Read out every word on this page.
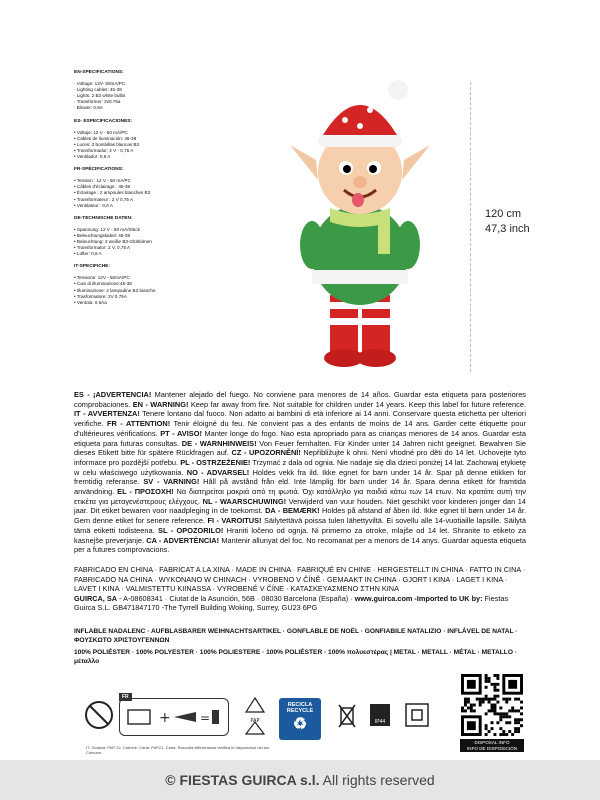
EN-SPECIFICATIONS:
· Voltage: 12V- 50mA/PC
· Lighting cables: 45-38
· Lights: 2 B3 white bulbs
· Transformer: 2v0.75a
· Blower: 0.6A
ES- ESPECIFICACIONES:
• Voltaje: 12 V - 50 mA/PC
• Cables de iluminación: 45-38
• Luces: 2 bombillas blancas B3
• Transformador: 2 V - 0,75 A
• Ventilador: 0,6 A
FR-SPÉCIFICATIONS:
• Tension : 12 V - 50 mA/PC
• Câbles d'éclairage : 45-38
• Éclairage : 2 ampoules blanches B3
• Transformateur : 2 V 0,75 A
• Ventilateur : 0,6 A
DE-TECHNISCHE DATEN:
• Spannung: 12 V - 50 mA/Stück
• Beleuchtungskabel: 45-38
• Beleuchtung: 2 weiße B3-Glühbirnen
• Transformator: 2 V, 0,75 A
• Lüfter: 0,6 A
IT-SPECIFICHE:
• Tensione: 12V - 50mA/PC
• Cavi di illuminazione:45-38
• Illuminazione: 2 lampadine B3 bianche
• Trasformatore: 2V 0.75A
• Ventola: 0,6Aa
120 cm
47,3 inch
ES - ¡ADVERTENCIA! Mantener alejado del fuego. No conviene para menores de 14 años. Guardar esta etiqueta para posteriores comprobaciones. EN - WARNING! Keep far away from fire. Not suitable for children under 14 years. Keep this label for future reference. IT - AVVERTENZA! Tenere lontano dal fuoco. Non adatto ai bambini di età inferiore ai 14 anni. Conservare questa etichetta per ulteriori verifiche. FR - ATTENTION! Tenir éloigné du feu. Ne convient pas a des enfants de moins de 14 ans. Garder cette étiquette pour d'ultérieures vérifications. PT - AVISO! Manter longe do fogo. Nao esta apropriado para as crianças menores de 14 anos. Guardar esta etiqueta para futuras consultas. DE - WARNHINWEIS! Von Feuer fernhalten. Für Kinder unter 14 Jahren nicht geeignet. Bewahren Sie dieses Etikett bitte für spätere Rückfragen auf. CZ - UPOZORNĚNÍ! Nepřibližujte k ohni. Není vhodné pro děti do 14 let. Uchovejte tyto informace pro pozdější potřebu. PL - OSTRZEŻENIE! Trzymać z dala od ognia. Nie nadaje się dla dzieci poniżej 14 lat. Zachowaj etykietę w celu właściwego użytkowania. NO - ADVARSEL! Holdes vekk fra ild. Ikke egnet for barn under 14 år. Spar på denne etikken for fremtidig referanse. SV - VARNING! Håll på avstånd från eld. Inte lämplig för barn under 14 år. Spara denna etikett för framtida användning. EL - ΠΡΟΣΟΧΗ! Να διατηρείται μακριά από τη φωτιά. Όχι κατάλληλο για παιδιά κάτω των 14 ετων. Να κρατάτε αυτή την ετικέτα για μεταγενέστερους ελέγχους. NL - WAARSCHUWING! Verwijderd van vuur houden. Niet geschikt voor kinderen jonger dan 14 jaar. Dit etiket bewaren voor naadpleging in de toekomst. DA - BEMÆRK! Holdes på afstand af åben ild. Ikke egnet til børn under 14 år. Gem denne etiket for senere reference. FI - VAROITUS! Säilytettävä poissa tulen lähettyviltä. Ei sovellu alle 14-vuotiaille lapsille. Säilytä tämä etiketti todisteena. SL - OPOZORILO! Hraniti ločeno od ognja. Ni primerno za otroke, mlajše od 14 let. Shranite to etiketo za kasnejše preverjanje. CA - ADVERTÈNCIA! Mantenir allunyat del foc. No recomanat per a menors de 14 anys. Guardar aquesta etiqueta per a futures comprovacions.
FABRICADO EN CHINA · FABRICAT A LA XINA · MADE IN CHINA · FABRIQUÉ EN CHINE · HERGESTELLT IN CHINA · FATTO IN CINA · FABRICADO NA CHINA · WYKONANO W CHINACH · VYROBENO V ČÍNĚ · GEMAAKT IN CHINA · GJORT I KINA · LAGET I KINA · LAVET I KINA · VALMISTETTU KIINASSA · VYROBENÉ V ČÍNE · ΚΑΤΑΣΚΕΥΑΣΜΕΝΟ ΣΤΗΝ ΚΙΝΑ
GUIRCA, SA - A-08608341 · Ciutat de la Asunción, 56B · 08030 Barcelona (España) · www.guirca.com -Imported to UK by: Fiestas Guirca S.L. GB471847170 -The Tyrrell Building Woking, Surrey, GU23 6PG
INFLABLE NADALENC · AUFBLASBARER WEIHNACHTSARTIKEL · GONFLABLE DE NOËL · GONFIABILE NATALIZIO · INFLÁVEL DE NATAL · ΦΟΥΣΚΩΤΟ ΧΡΙΣΤΟΥΓΕΝΝΩΝ
100% POLIÉSTER · 100% POLYESTER · 100% POLIESTERE · 100% POLIÉSTER · 100% πολυεστέρας | METAL · METALL · MÉTAL · METALLO · μέταλλο
FR
+ =	PAP
RECICLA
RECYCLE
♻	IP44
DISPOSAL INFO
INFO DE DISPOSICIÓN
IT- Scatola: PAP 22, Cartone. Carta: PAP21, Carta. Raccolta differenziata.Verifica le disposizioni del tuo Comune.
© FIESTAS GUIRCA s.l. All rights reserved
